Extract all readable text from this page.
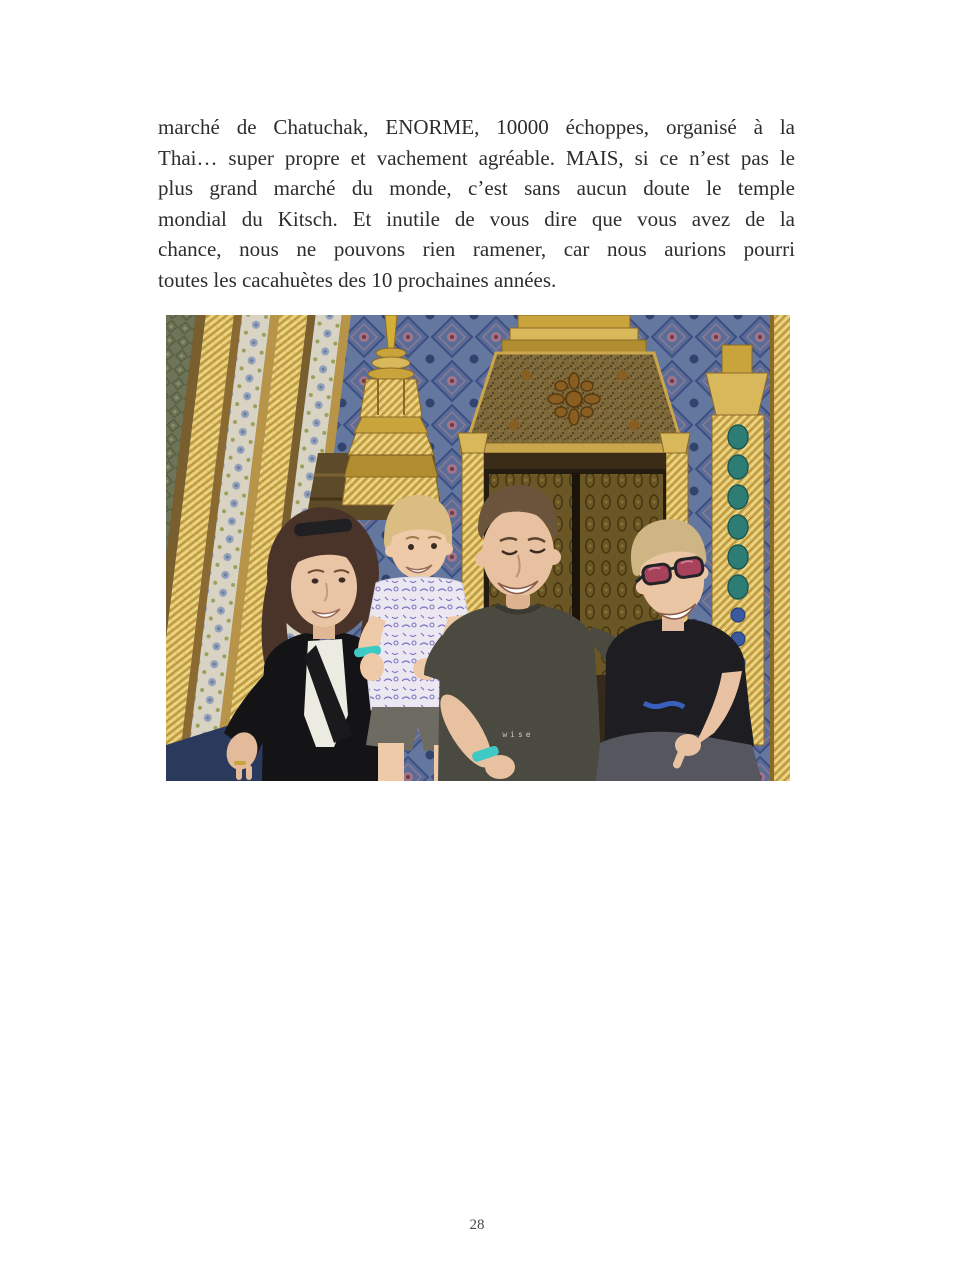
marché de Chatuchak, ENORME, 10000 échoppes, organisé à la
Thai… super propre et vachement agréable. MAIS, si ce n’est pas le
plus grand marché du monde, c’est sans aucun doute le temple
mondial du Kitsch. Et inutile de vous dire que vous avez de la
chance, nous ne pouvons rien ramener, car nous aurions pourri
toutes les cacahuètes des 10 prochaines années.
wise
28
